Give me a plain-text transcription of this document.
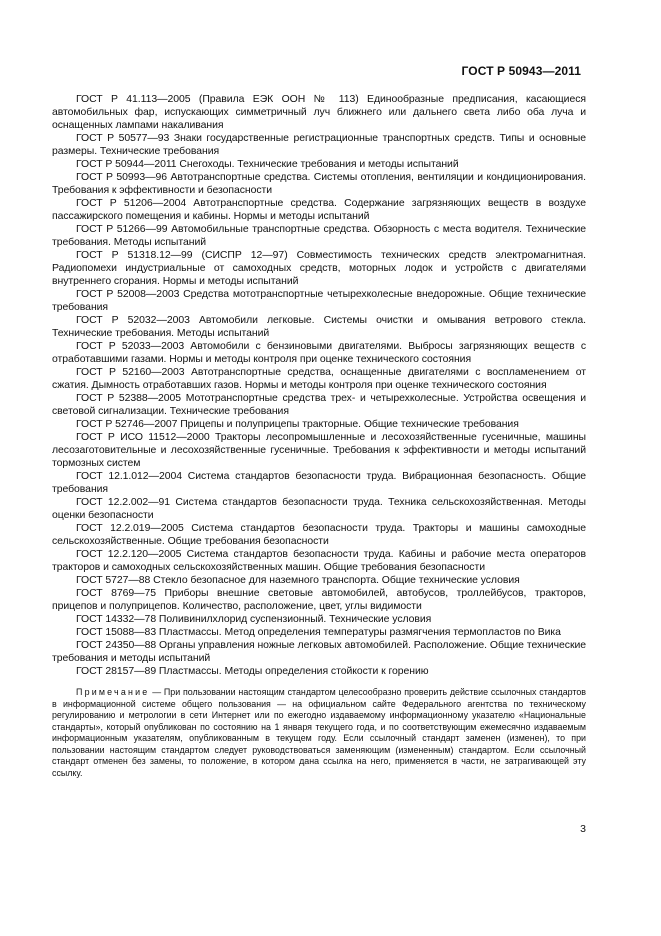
ГОСТ Р 50943—2011

ГОСТ Р 41.113—2005 (Правила ЕЭК ООН № 113) Единообразные предписания, касающиеся автомобильных фар, испускающих симметричный луч ближнего или дальнего света либо оба луча и оснащенных лампами накаливания

ГОСТ Р 50577—93 Знаки государственные регистрационные транспортных средств. Типы и основные размеры. Технические требования

ГОСТ Р 50944—2011 Снегоходы. Технические требования и методы испытаний

ГОСТ Р 50993—96 Автотранспортные средства. Системы отопления, вентиляции и кондиционирования. Требования к эффективности и безопасности

ГОСТ Р 51206—2004 Автотранспортные средства. Содержание загрязняющих веществ в воздухе пассажирского помещения и кабины. Нормы и методы испытаний

ГОСТ Р 51266—99 Автомобильные транспортные средства. Обзорность с места водителя. Технические требования. Методы испытаний

ГОСТ Р 51318.12—99 (СИСПР 12—97) Совместимость технических средств электромагнитная. Радиопомехи индустриальные от самоходных средств, моторных лодок и устройств с двигателями внутреннего сгорания. Нормы и методы испытаний

ГОСТ Р 52008—2003 Средства мототранспортные четырехколесные внедорожные. Общие технические требования

ГОСТ Р 52032—2003 Автомобили легковые. Системы очистки и омывания ветрового стекла. Технические требования. Методы испытаний

ГОСТ Р 52033—2003 Автомобили с бензиновыми двигателями. Выбросы загрязняющих веществ с отработавшими газами. Нормы и методы контроля при оценке технического состояния

ГОСТ Р 52160—2003 Автотранспортные средства, оснащенные двигателями с воспламенением от сжатия. Дымность отработавших газов. Нормы и методы контроля при оценке технического состояния

ГОСТ Р 52388—2005 Мототранспортные средства трех- и четырехколесные. Устройства освещения и световой сигнализации. Технические требования

ГОСТ Р 52746—2007 Прицепы и полуприцепы тракторные. Общие технические требования

ГОСТ Р ИСО 11512—2000 Тракторы лесопромышленные и лесохозяйственные гусеничные, машины лесозаготовительные и лесохозяйственные гусеничные. Требования к эффективности и методы испытаний тормозных систем

ГОСТ 12.1.012—2004 Система стандартов безопасности труда. Вибрационная безопасность. Общие требования

ГОСТ 12.2.002—91 Система стандартов безопасности труда. Техника сельскохозяйственная. Методы оценки безопасности

ГОСТ 12.2.019—2005 Система стандартов безопасности труда. Тракторы и машины самоходные сельскохозяйственные. Общие требования безопасности

ГОСТ 12.2.120—2005 Система стандартов безопасности труда. Кабины и рабочие места операторов тракторов и самоходных сельскохозяйственных машин. Общие требования безопасности

ГОСТ 5727—88 Стекло безопасное для наземного транспорта. Общие технические условия

ГОСТ 8769—75 Приборы внешние световые автомобилей, автобусов, троллейбусов, тракторов, прицепов и полуприцепов. Количество, расположение, цвет, углы видимости

ГОСТ 14332—78 Поливинилхлорид суспензионный. Технические условия

ГОСТ 15088—83 Пластмассы. Метод определения температуры размягчения термопластов по Вика

ГОСТ 24350—88 Органы управления ножные легковых автомобилей. Расположение. Общие технические требования и методы испытаний

ГОСТ 28157—89 Пластмассы. Методы определения стойкости к горению

Примечание — При пользовании настоящим стандартом целесообразно проверить действие ссылочных стандартов в информационной системе общего пользования — на официальном сайте Федерального агентства по техническому регулированию и метрологии в сети Интернет или по ежегодно издаваемому информационному указателю «Национальные стандарты», который опубликован по состоянию на 1 января текущего года, и по соответствующим ежемесячно издаваемым информационным указателям, опубликованным в текущем году. Если ссылочный стандарт заменен (изменен), то при пользовании настоящим стандартом следует руководствоваться заменяющим (измененным) стандартом. Если ссылочный стандарт отменен без замены, то положение, в котором дана ссылка на него, применяется в части, не затрагивающей эту ссылку.

3
